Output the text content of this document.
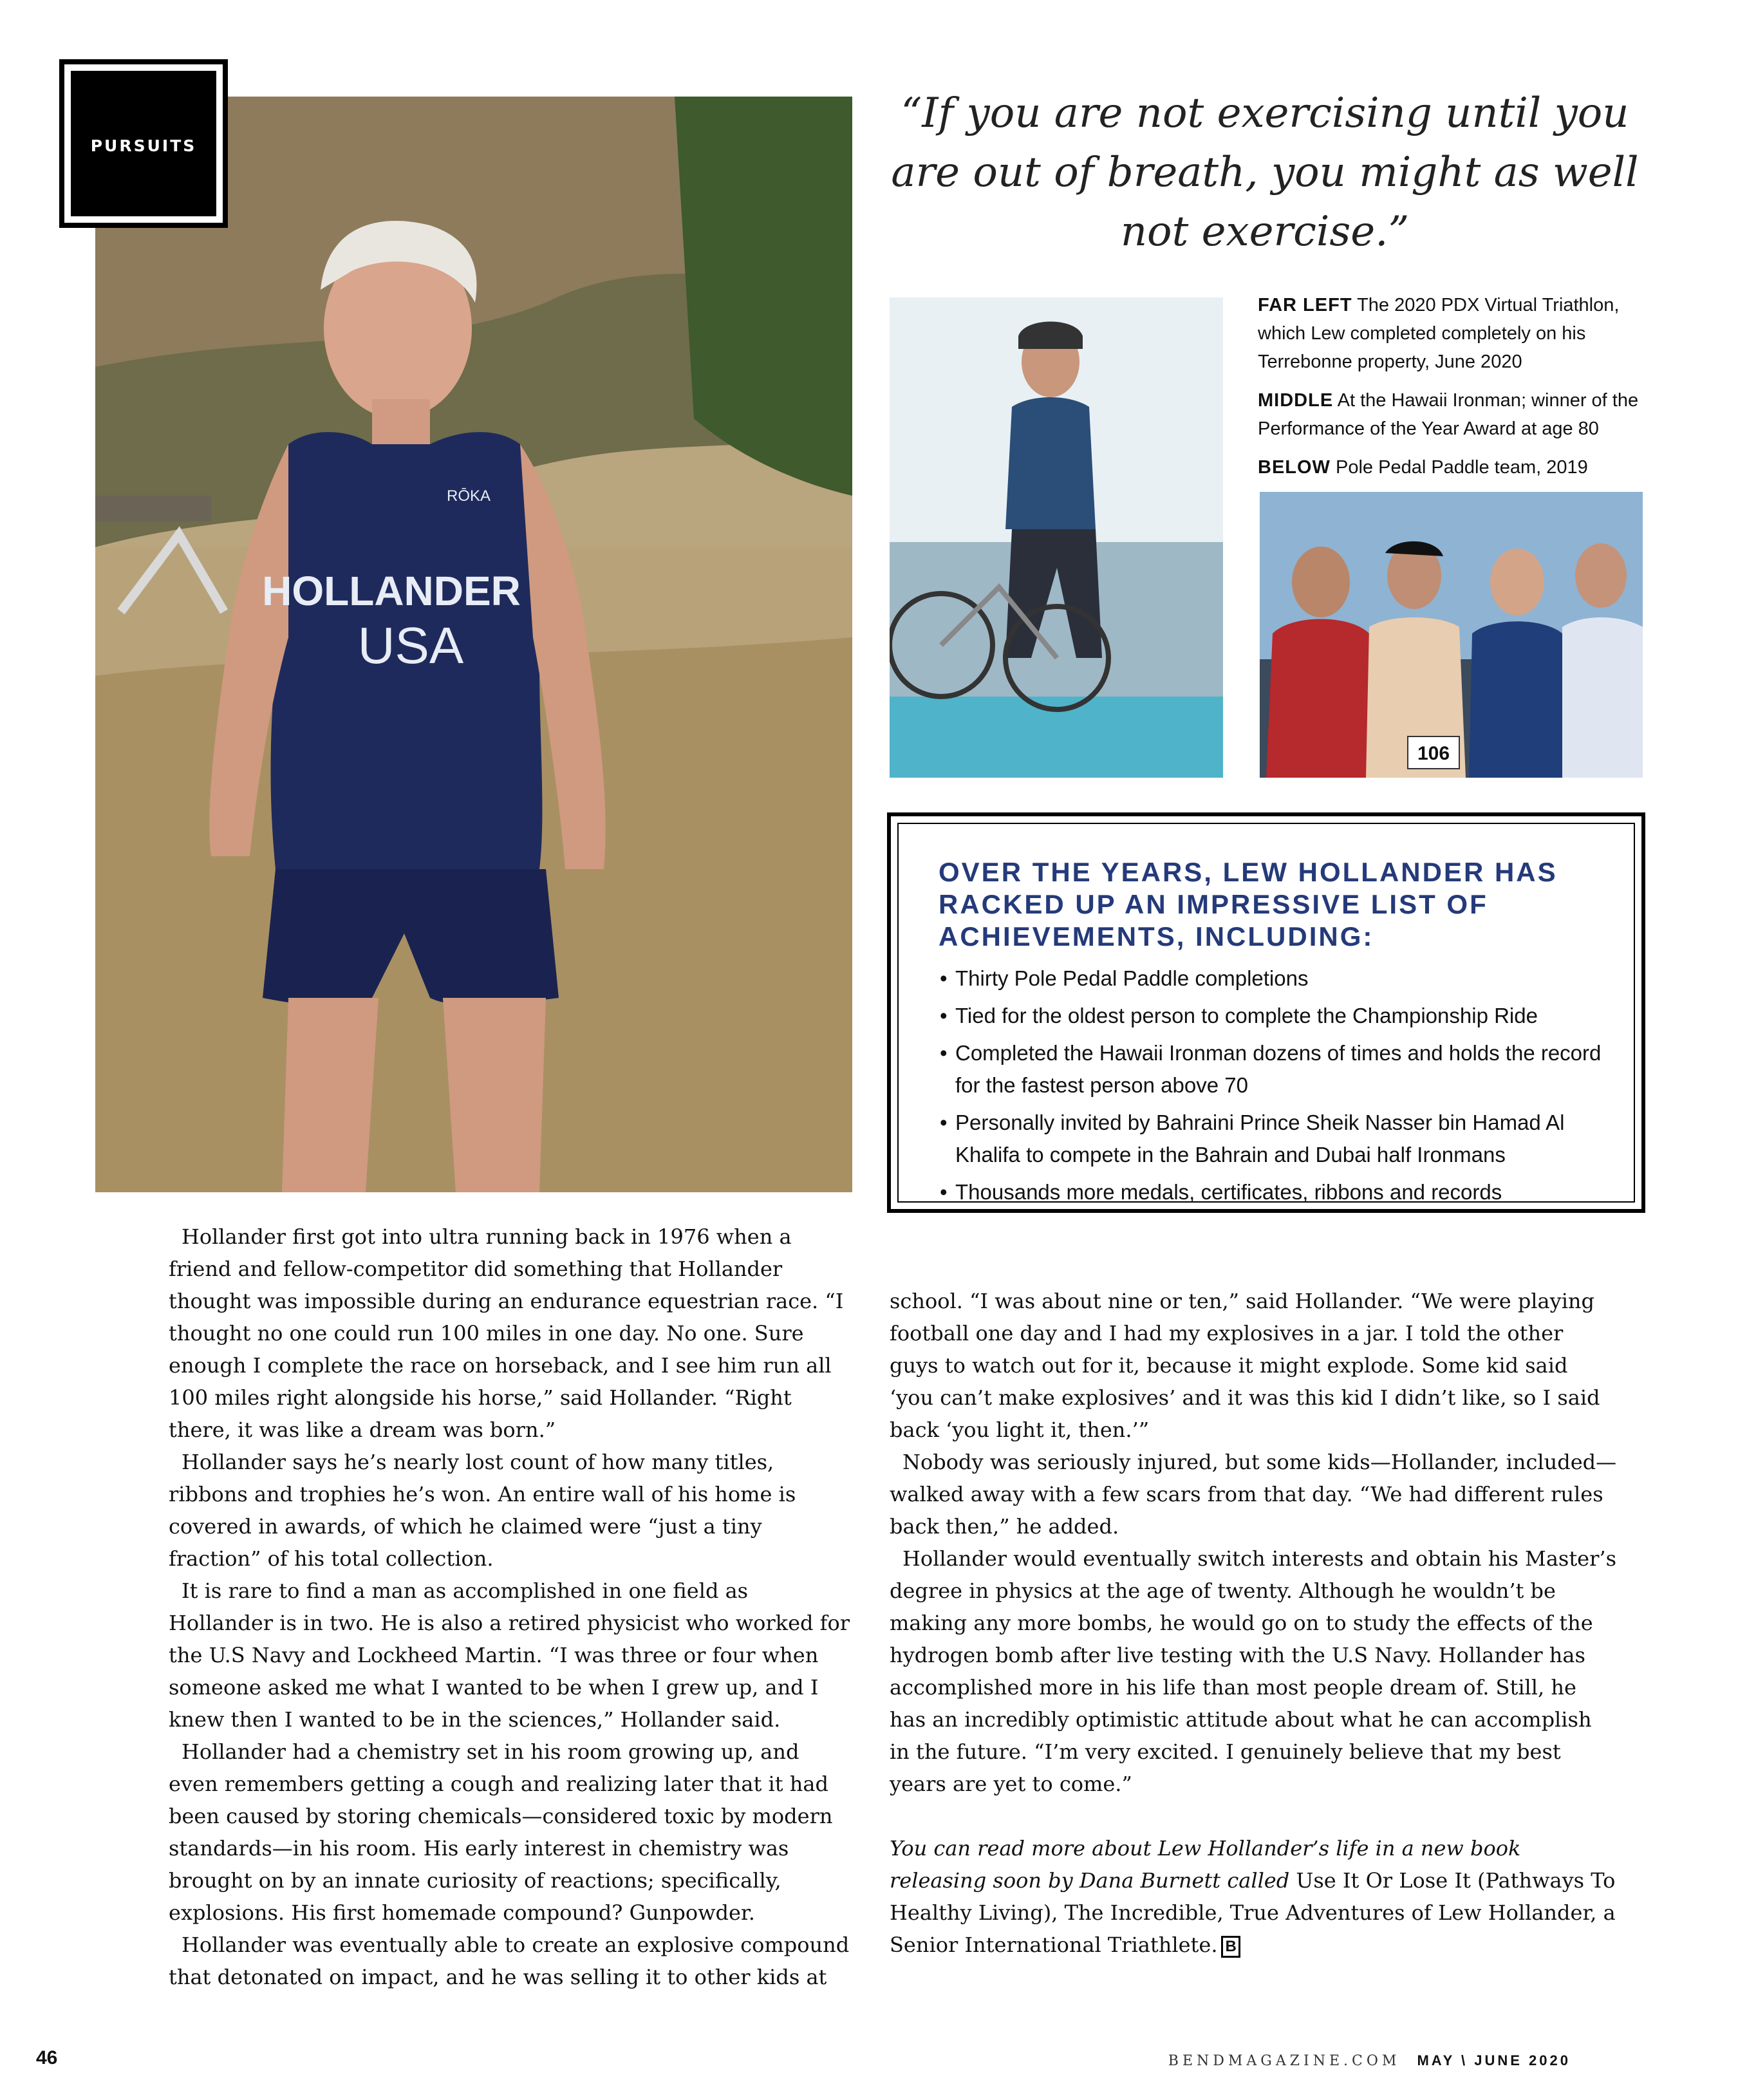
PURSUITS
HOLLANDER
USA
RŌKA
“If you are not exercising until you are out of breath, you might as well not exercise.”
106

FAR LEFT The 2020 PDX Virtual Triathlon, which Lew completed completely on his Terrebonne property, June 2020

MIDDLE At the Hawaii Ironman; winner of the Performance of the Year Award at age 80

BELOW Pole Pedal Paddle team, 2019

OVER THE YEARS, LEW HOLLANDER HAS RACKED UP AN IMPRESSIVE LIST OF ACHIEVEMENTS, INCLUDING:
• Thirty Pole Pedal Paddle completions
• Tied for the oldest person to complete the Championship Ride
• Completed the Hawaii Ironman dozens of times and holds the record for the fastest person above 70
• Personally invited by Bahraini Prince Sheik Nasser bin Hamad Al Khalifa to compete in the Bahrain and Dubai half Ironmans
• Thousands more medals, certificates, ribbons and records

Hollander first got into ultra running back in 1976 when a friend and fellow-competitor did something that Hollander thought was impossible during an endurance equestrian race. “I thought no one could run 100 miles in one day. No one. Sure enough I complete the race on horseback, and I see him run all 100 miles right alongside his horse,” said Hollander. “Right there, it was like a dream was born.”

Hollander says he’s nearly lost count of how many titles, ribbons and trophies he’s won. An entire wall of his home is covered in awards, of which he claimed were “just a tiny fraction” of his total collection.

It is rare to find a man as accomplished in one field as Hollander is in two. He is also a retired physicist who worked for the U.S Navy and Lockheed Martin. “I was three or four when someone asked me what I wanted to be when I grew up, and I knew then I wanted to be in the sciences,” Hollander said.

Hollander had a chemistry set in his room growing up, and even remembers getting a cough and realizing later that it had been caused by storing chemicals—considered toxic by modern standards—in his room. His early interest in chemistry was brought on by an innate curiosity of reactions; specifically, explosions. His first homemade compound? Gunpowder.

Hollander was eventually able to create an explosive compound that detonated on impact, and he was selling it to other kids at

school. “I was about nine or ten,” said Hollander. “We were playing football one day and I had my explosives in a jar. I told the other guys to watch out for it, because it might explode. Some kid said ‘you can’t make explosives’ and it was this kid I didn’t like, so I said back ‘you light it, then.’”

Nobody was seriously injured, but some kids—Hollander, included—walked away with a few scars from that day. “We had different rules back then,” he added.

Hollander would eventually switch interests and obtain his Master’s degree in physics at the age of twenty. Although he wouldn’t be making any more bombs, he would go on to study the effects of the hydrogen bomb after live testing with the U.S Navy. Hollander has accomplished more in his life than most people dream of. Still, he has an incredibly optimistic attitude about what he can accomplish in the future. “I’m very excited. I genuinely believe that my best years are yet to come.”

You can read more about Lew Hollander’s life in a new book releasing soon by Dana Burnett called Use It Or Lose It (Pathways To Healthy Living), The Incredible, True Adventures of Lew Hollander, a Senior International Triathlete. B

46	BENDMAGAZINE.COM MAY \ JUNE 2020
